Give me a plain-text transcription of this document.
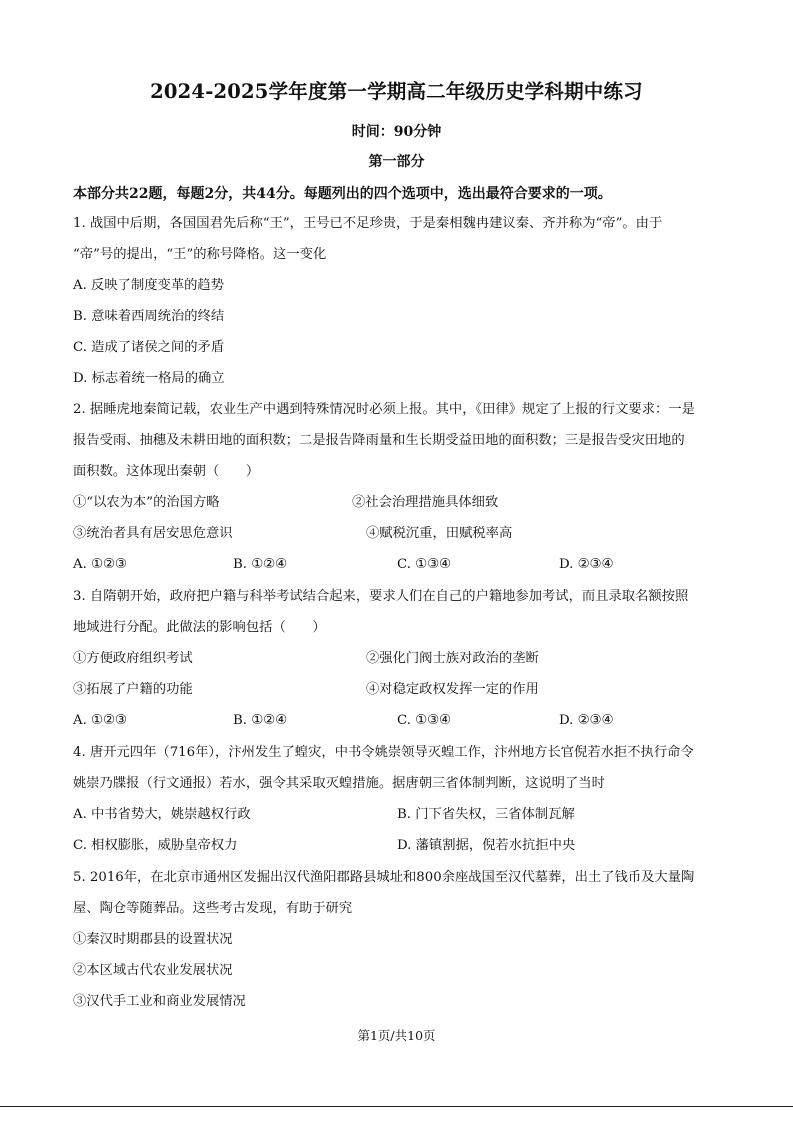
2024-2025学年度第一学期高二年级历史学科期中练习
时间：90分钟
第一部分
本部分共22题，每题2分，共44分。每题列出的四个选项中，选出最符合要求的一项。
1. 战国中后期，各国国君先后称“王”，王号已不足珍贵，于是秦相魏冉建议秦、齐并称为“帝”。由于
“帝”号的提出，“王”的称号降格。这一变化
A. 反映了制度变革的趋势
B. 意味着西周统治的终结
C. 造成了诸侯之间的矛盾
D. 标志着统一格局的确立
2. 据睡虎地秦简记载，农业生产中遇到特殊情况时必须上报。其中，《田律》规定了上报的行文要求：一是
报告受雨、抽穗及未耕田地的面积数；二是报告降雨量和生长期受益田地的面积数；三是报告受灾田地的
面积数。这体现出秦朝（　　）
①“以农为本”的治国方略	②社会治理措施具体细致
③统治者具有居安思危意识	④赋税沉重，田赋税率高
A. ①②③	B. ①②④	C. ①③④	D. ②③④
3. 自隋朝开始，政府把户籍与科举考试结合起来，要求人们在自己的户籍地参加考试，而且录取名额按照
地域进行分配。此做法的影响包括（　　）
①方便政府组织考试	②强化门阀士族对政治的垄断
③拓展了户籍的功能	④对稳定政权发挥一定的作用
A. ①②③	B. ①②④	C. ①③④	D. ②③④
4. 唐开元四年（716年），汴州发生了蝗灾，中书令姚崇领导灭蝗工作，汴州地方长官倪若水拒不执行命令
姚崇乃牒报（行文通报）若水，强令其采取灭蝗措施。据唐朝三省体制判断，这说明了当时
A. 中书省势大，姚崇越权行政	B. 门下省失权，三省体制瓦解
C. 相权膨胀，威胁皇帝权力	D. 藩镇割据，倪若水抗拒中央
5. 2016年，在北京市通州区发掘出汉代渔阳郡路县城址和800余座战国至汉代墓葬，出土了钱币及大量陶
屋、陶仓等随葬品。这些考古发现，有助于研究
①秦汉时期郡县的设置状况
②本区域古代农业发展状况
③汉代手工业和商业发展情况
第1页/共10页
